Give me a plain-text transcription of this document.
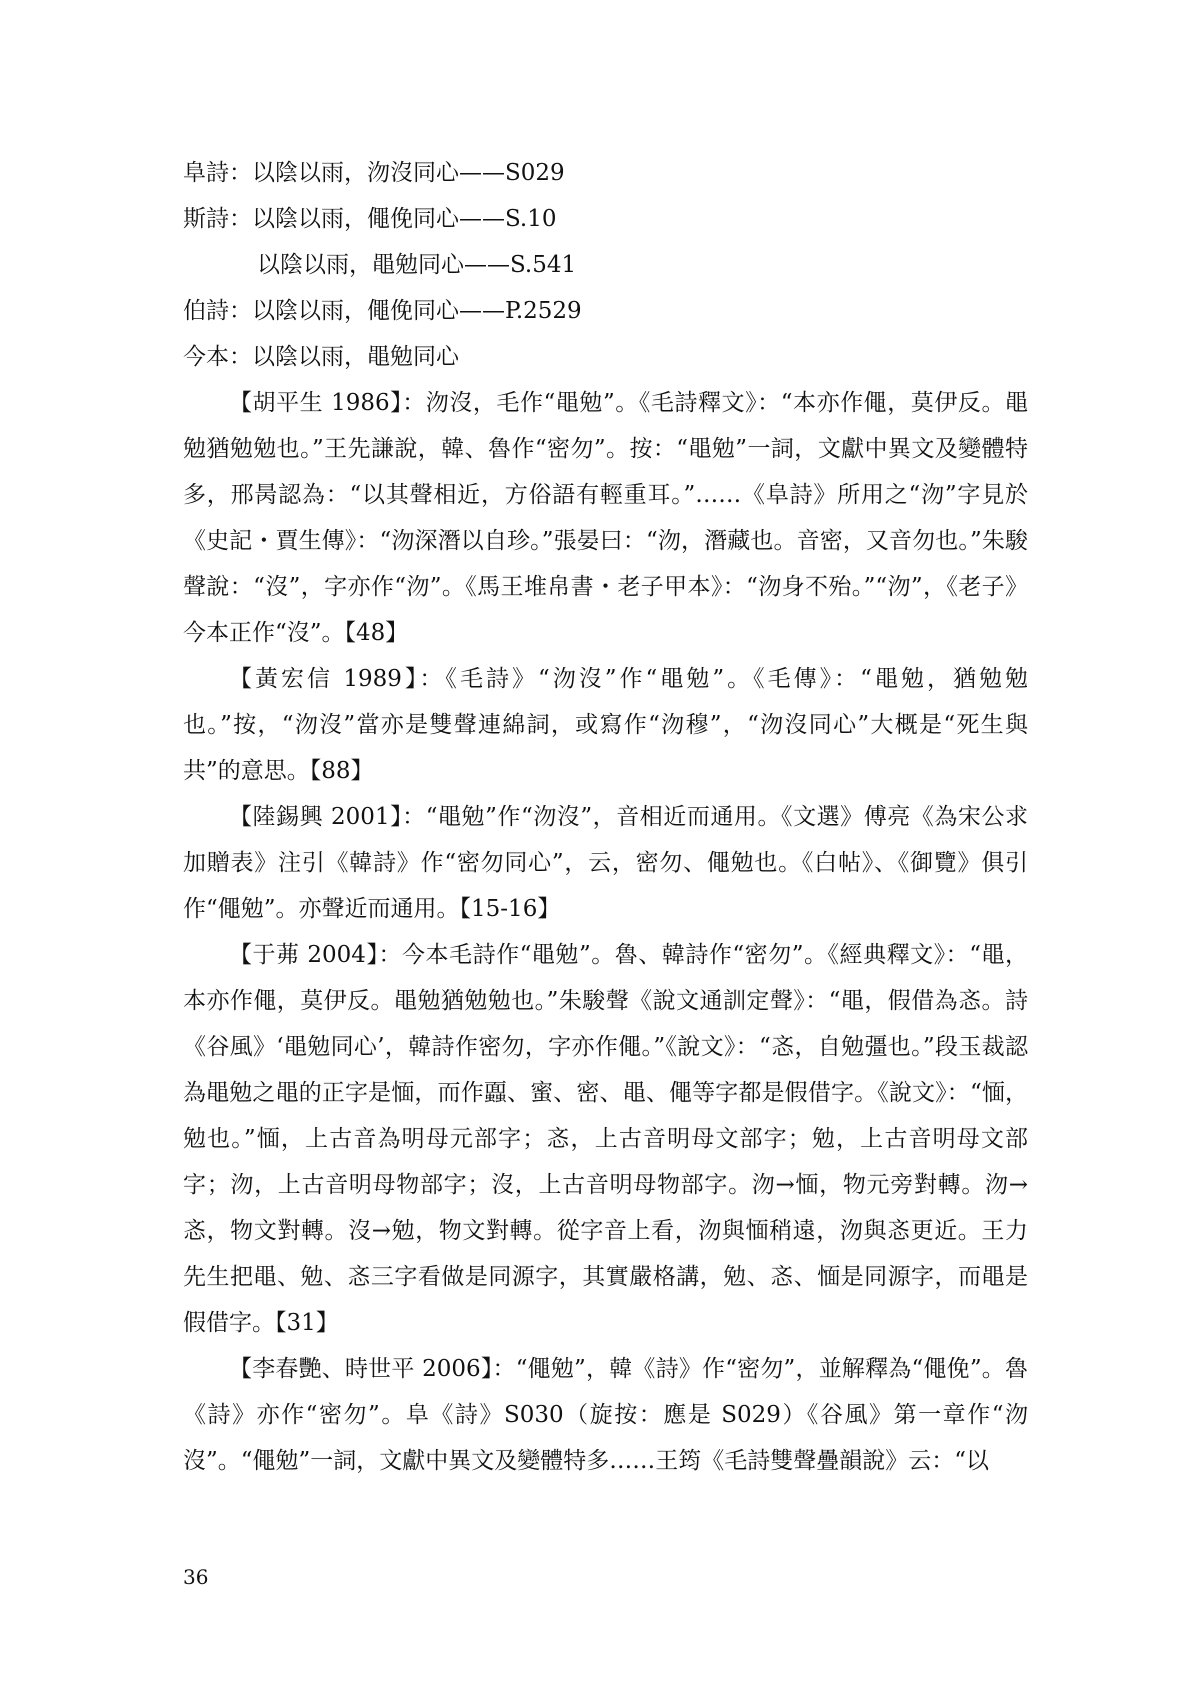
阜詩：以陰以雨，沕沒同心——S029
斯詩：以陰以雨，僶俛同心——S.10
以陰以雨，黽勉同心——S.541
伯詩：以陰以雨，僶俛同心——P.2529
今本：以陰以雨，黽勉同心

【胡平生 1986】：沕沒，毛作“黽勉”。《毛詩釋文》：“本亦作僶，莫伊反。黽勉猶勉勉也。”王先謙說，韓、魯作“密勿”。按：“黽勉”一詞，文獻中異文及變體特多，邢昺認為：“以其聲相近，方俗語有輕重耳。”……《阜詩》所用之“沕”字見於《史記・賈生傳》：“沕深潛以自珍。”張晏曰：“沕，潛藏也。音密，又音勿也。”朱駿聲說：“沒”，字亦作“沕”。《馬王堆帛書・老子甲本》：“沕身不殆。”“沕”，《老子》今本正作“沒”。【48】

【黃宏信 1989】：《毛詩》“沕沒”作“黽勉”。《毛傳》：“黽勉，猶勉勉也。”按，“沕沒”當亦是雙聲連綿詞，或寫作“沕穆”，“沕沒同心”大概是“死生與共”的意思。【88】

【陸錫興 2001】：“黽勉”作“沕沒”，音相近而通用。《文選》傅亮《為宋公求加贈表》注引《韓詩》作“密勿同心”，云，密勿、僶勉也。《白帖》、《御覽》俱引作“僶勉”。亦聲近而通用。【15-16】

【于茀 2004】：今本毛詩作“黽勉”。魯、韓詩作“密勿”。《經典釋文》：“黽，本亦作僶，莫伊反。黽勉猶勉勉也。”朱駿聲《說文通訓定聲》：“黽，假借為忞。詩《谷風》‘黽勉同心’，韓詩作密勿，字亦作僶。”《說文》：“忞，自勉彊也。”段玉裁認為黽勉之黽的正字是愐，而作蠠、蜜、密、黽、僶等字都是假借字。《說文》：“愐，勉也。”愐，上古音為明母元部字；忞，上古音明母文部字；勉，上古音明母文部字；沕，上古音明母物部字；沒，上古音明母物部字。沕→愐，物元旁對轉。沕→忞，物文對轉。沒→勉，物文對轉。從字音上看，沕與愐稍遠，沕與忞更近。王力先生把黽、勉、忞三字看做是同源字，其實嚴格講，勉、忞、愐是同源字，而黽是假借字。【31】

【李春艷、時世平 2006】：“僶勉”，韓《詩》作“密勿”，並解釋為“僶俛”。魯《詩》亦作“密勿”。阜《詩》S030（旋按：應是 S029）《谷風》第一章作“沕沒”。“僶勉”一詞，文獻中異文及變體特多……王筠《毛詩雙聲疊韻說》云：“以

36
